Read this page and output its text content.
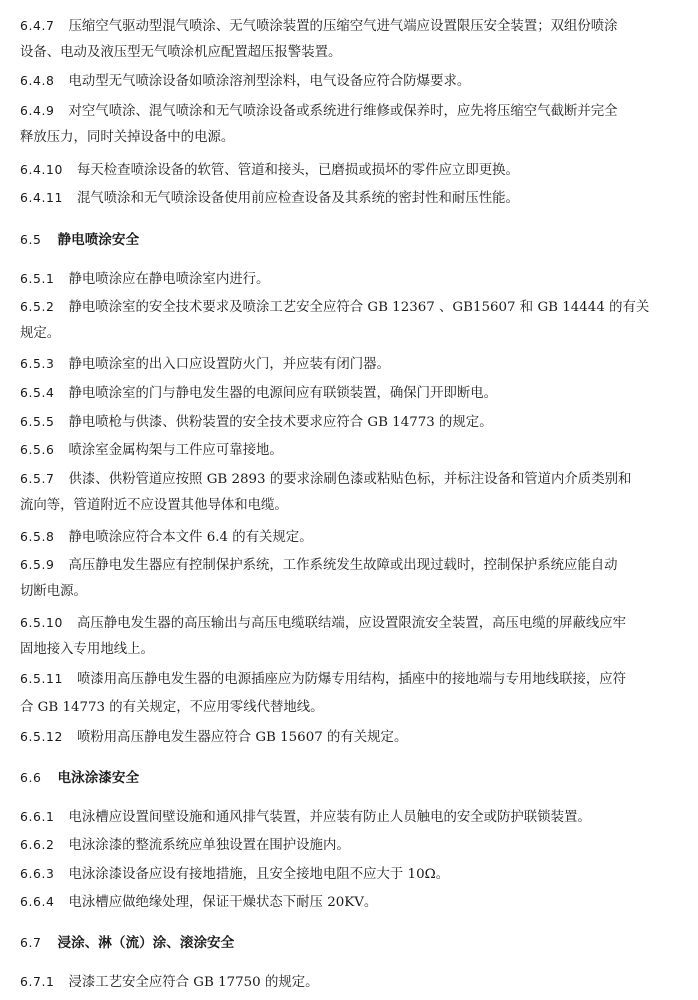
6.4.7 压缩空气驱动型混气喷涂、无气喷涂装置的压缩空气进气端应设置限压安全装置；双组份喷涂
设备、电动及液压型无气喷涂机应配置超压报警装置。
6.4.8 电动型无气喷涂设备如喷涂溶剂型涂料，电气设备应符合防爆要求。
6.4.9 对空气喷涂、混气喷涂和无气喷涂设备或系统进行维修或保养时，应先将压缩空气截断并完全
释放压力，同时关掉设备中的电源。
6.4.10 每天检查喷涂设备的软管、管道和接头，已磨损或损坏的零件应立即更换。
6.4.11 混气喷涂和无气喷涂设备使用前应检查设备及其系统的密封性和耐压性能。
6.5 静电喷涂安全
6.5.1 静电喷涂应在静电喷涂室内进行。
6.5.2 静电喷涂室的安全技术要求及喷涂工艺安全应符合 GB 12367 、GB15607 和 GB 14444 的有关
规定。
6.5.3 静电喷涂室的出入口应设置防火门，并应装有闭门器。
6.5.4 静电喷涂室的门与静电发生器的电源间应有联锁装置，确保门开即断电。
6.5.5 静电喷枪与供漆、供粉装置的安全技术要求应符合 GB 14773 的规定。
6.5.6 喷涂室金属构架与工件应可靠接地。
6.5.7 供漆、供粉管道应按照 GB 2893 的要求涂刷色漆或粘贴色标，并标注设备和管道内介质类别和
流向等，管道附近不应设置其他导体和电缆。
6.5.8 静电喷涂应符合本文件 6.4 的有关规定。
6.5.9 高压静电发生器应有控制保护系统，工作系统发生故障或出现过载时，控制保护系统应能自动
切断电源。
6.5.10 高压静电发生器的高压输出与高压电缆联结端，应设置限流安全装置，高压电缆的屏蔽线应牢
固地接入专用地线上。
6.5.11 喷漆用高压静电发生器的电源插座应为防爆专用结构，插座中的接地端与专用地线联接，应符
合 GB 14773 的有关规定，不应用零线代替地线。
6.5.12 喷粉用高压静电发生器应符合 GB 15607 的有关规定。
6.6 电泳涂漆安全
6.6.1 电泳槽应设置间壁设施和通风排气装置，并应装有防止人员触电的安全或防护联锁装置。
6.6.2 电泳涂漆的整流系统应单独设置在围护设施内。
6.6.3 电泳涂漆设备应设有接地措施，且安全接地电阻不应大于 10Ω。
6.6.4 电泳槽应做绝缘处理，保证干燥状态下耐压 20KV。
6.7 浸涂、淋（流）涂、滚涂安全
6.7.1 浸漆工艺安全应符合 GB 17750 的规定。
